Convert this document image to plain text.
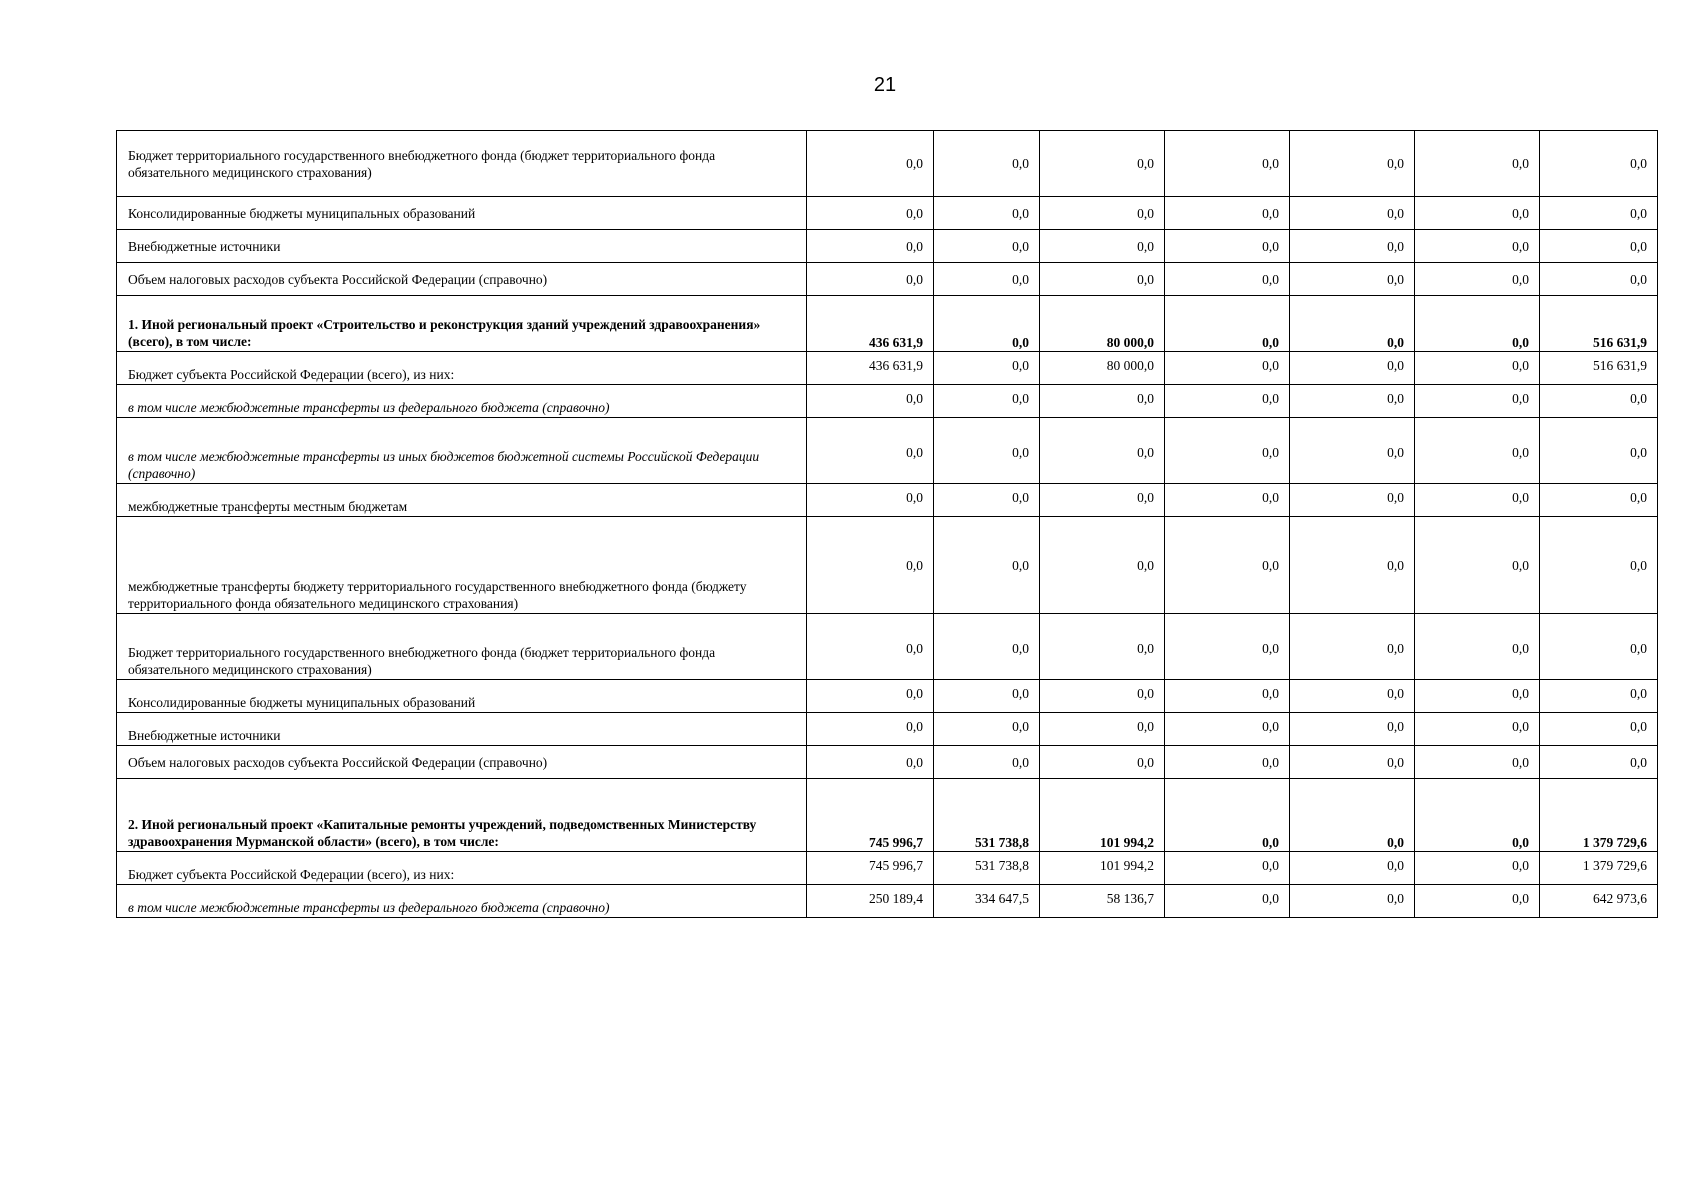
21
Бюджет территориального государственного внебюджетного фонда (бюджет территориального фонда обязательного медицинского страхования)	0,0	0,0	0,0	0,0	0,0	0,0	0,0
Консолидированные бюджеты муниципальных образований	0,0	0,0	0,0	0,0	0,0	0,0	0,0
Внебюджетные источники	0,0	0,0	0,0	0,0	0,0	0,0	0,0
Объем налоговых расходов субъекта Российской Федерации (справочно)	0,0	0,0	0,0	0,0	0,0	0,0	0,0
1. Иной региональный проект «Строительство и реконструкция зданий учреждений здравоохранения» (всего), в том числе:	436 631,9	0,0	80 000,0	0,0	0,0	0,0	516 631,9
Бюджет субъекта Российской Федерации (всего), из них:	436 631,9	0,0	80 000,0	0,0	0,0	0,0	516 631,9
в том числе межбюджетные трансферты из федерального бюджета (справочно)	0,0	0,0	0,0	0,0	0,0	0,0	0,0
в том числе межбюджетные трансферты из иных бюджетов бюджетной системы Российской Федерации (справочно)	0,0	0,0	0,0	0,0	0,0	0,0	0,0
межбюджетные трансферты местным бюджетам	0,0	0,0	0,0	0,0	0,0	0,0	0,0
межбюджетные трансферты бюджету территориального государственного внебюджетного фонда (бюджету территориального фонда обязательного медицинского страхования)	0,0	0,0	0,0	0,0	0,0	0,0	0,0
Бюджет территориального государственного внебюджетного фонда (бюджет территориального фонда обязательного медицинского страхования)	0,0	0,0	0,0	0,0	0,0	0,0	0,0
Консолидированные бюджеты муниципальных образований	0,0	0,0	0,0	0,0	0,0	0,0	0,0
Внебюджетные источники	0,0	0,0	0,0	0,0	0,0	0,0	0,0
Объем налоговых расходов субъекта Российской Федерации (справочно)	0,0	0,0	0,0	0,0	0,0	0,0	0,0
2. Иной региональный проект «Капитальные ремонты учреждений, подведомственных Министерству здравоохранения Мурманской области» (всего), в том числе:	745 996,7	531 738,8	101 994,2	0,0	0,0	0,0	1 379 729,6
Бюджет субъекта Российской Федерации (всего), из них:	745 996,7	531 738,8	101 994,2	0,0	0,0	0,0	1 379 729,6
в том числе межбюджетные трансферты из федерального бюджета (справочно)	250 189,4	334 647,5	58 136,7	0,0	0,0	0,0	642 973,6
